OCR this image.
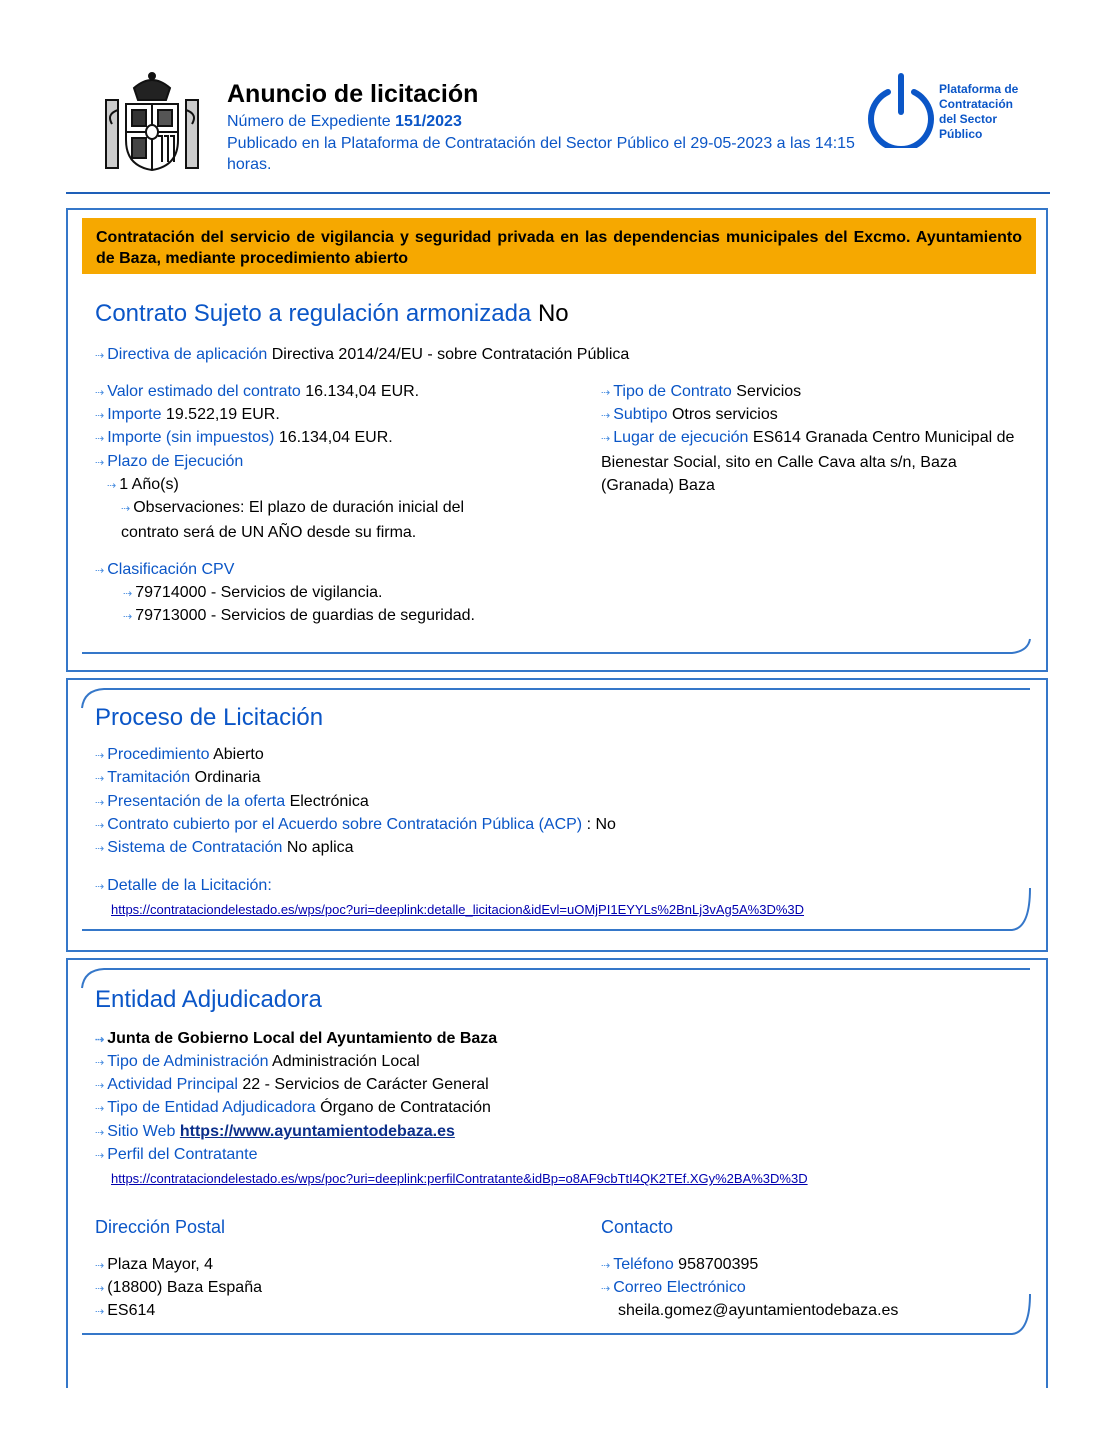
Anuncio de licitación
Número de Expediente 151/2023
Publicado en la Plataforma de Contratación del Sector Público el 29-05-2023 a las 14:15 horas.
Plataforma de
Contratación
del Sector
Público
Contratación del servicio de vigilancia y seguridad privada en las dependencias municipales del Excmo. Ayuntamiento de Baza, mediante procedimiento abierto
Contrato Sujeto a regulación armonizada No
⇢ Directiva de aplicación Directiva 2014/24/EU - sobre Contratación Pública
⇢ Valor estimado del contrato 16.134,04 EUR.
⇢ Importe 19.522,19 EUR.
⇢ Importe (sin impuestos) 16.134,04 EUR.
⇢ Plazo de Ejecución
⇢ 1 Año(s)
⇢ Observaciones: El plazo de duración inicial del contrato será de UN AÑO desde su firma.
⇢ Tipo de Contrato Servicios
⇢ Subtipo Otros servicios
⇢ Lugar de ejecución ES614 Granada Centro Municipal de Bienestar Social, sito en Calle Cava alta s/n, Baza (Granada) Baza
⇢ Clasificación CPV
⇢ 79714000 - Servicios de vigilancia.
⇢ 79713000 - Servicios de guardias de seguridad.
Proceso de Licitación
⇢ Procedimiento Abierto
⇢ Tramitación Ordinaria
⇢ Presentación de la oferta Electrónica
⇢ Contrato cubierto por el Acuerdo sobre Contratación Pública (ACP) : No
⇢ Sistema de Contratación No aplica
⇢ Detalle de la Licitación:
https://contrataciondelestado.es/wps/poc?uri=deeplink:detalle_licitacion&idEvl=uOMjPI1EYYLs%2BnLj3vAg5A%3D%3D
Entidad Adjudicadora
⇢ Junta de Gobierno Local del Ayuntamiento de Baza
⇢ Tipo de Administración Administración Local
⇢ Actividad Principal 22 - Servicios de Carácter General
⇢ Tipo de Entidad Adjudicadora Órgano de Contratación
⇢ Sitio Web https://www.ayuntamientodebaza.es
⇢ Perfil del Contratante
https://contrataciondelestado.es/wps/poc?uri=deeplink:perfilContratante&idBp=o8AF9cbTtI4QK2TEf.XGy%2BA%3D%3D
Dirección Postal
⇢ Plaza Mayor, 4
⇢ (18800) Baza España
⇢ ES614
Contacto
⇢ Teléfono 958700395
⇢ Correo Electrónico
sheila.gomez@ayuntamientodebaza.es
